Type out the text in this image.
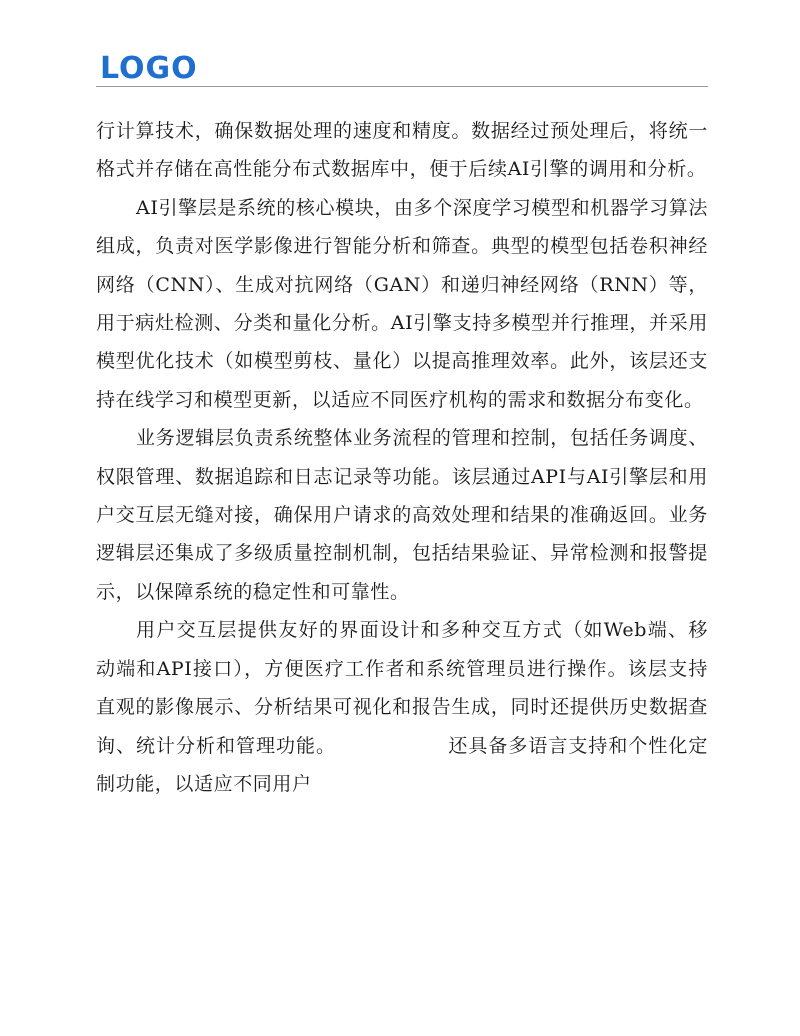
LOGO

行计算技术，确保数据处理的速度和精度。数据经过预处理后，将统一格式并存储在高性能分布式数据库中，便于后续AI引擎的调用和分析。

AI引擎层是系统的核心模块，由多个深度学习模型和机器学习算法组成，负责对医学影像进行智能分析和筛查。典型的模型包括卷积神经网络（CNN）、生成对抗网络（GAN）和递归神经网络（RNN）等，用于病灶检测、分类和量化分析。AI引擎支持多模型并行推理，并采用模型优化技术（如模型剪枝、量化）以提高推理效率。此外，该层还支持在线学习和模型更新，以适应不同医疗机构的需求和数据分布变化。

业务逻辑层负责系统整体业务流程的管理和控制，包括任务调度、权限管理、数据追踪和日志记录等功能。该层通过API与AI引擎层和用户交互层无缝对接，确保用户请求的高效处理和结果的准确返回。业务逻辑层还集成了多级质量控制机制，包括结果验证、异常检测和报警提示，以保障系统的稳定性和可靠性。

用户交互层提供友好的界面设计和多种交互方式（如Web端、移动端和API接口），方便医疗工作者和系统管理员进行操作。该层支持直观的影像展示、分析结果可视化和报告生成，同时还提供历史数据查询、统计分析和管理功能。	还具备多语言支持和个性化定制功能，以适应不同用户
